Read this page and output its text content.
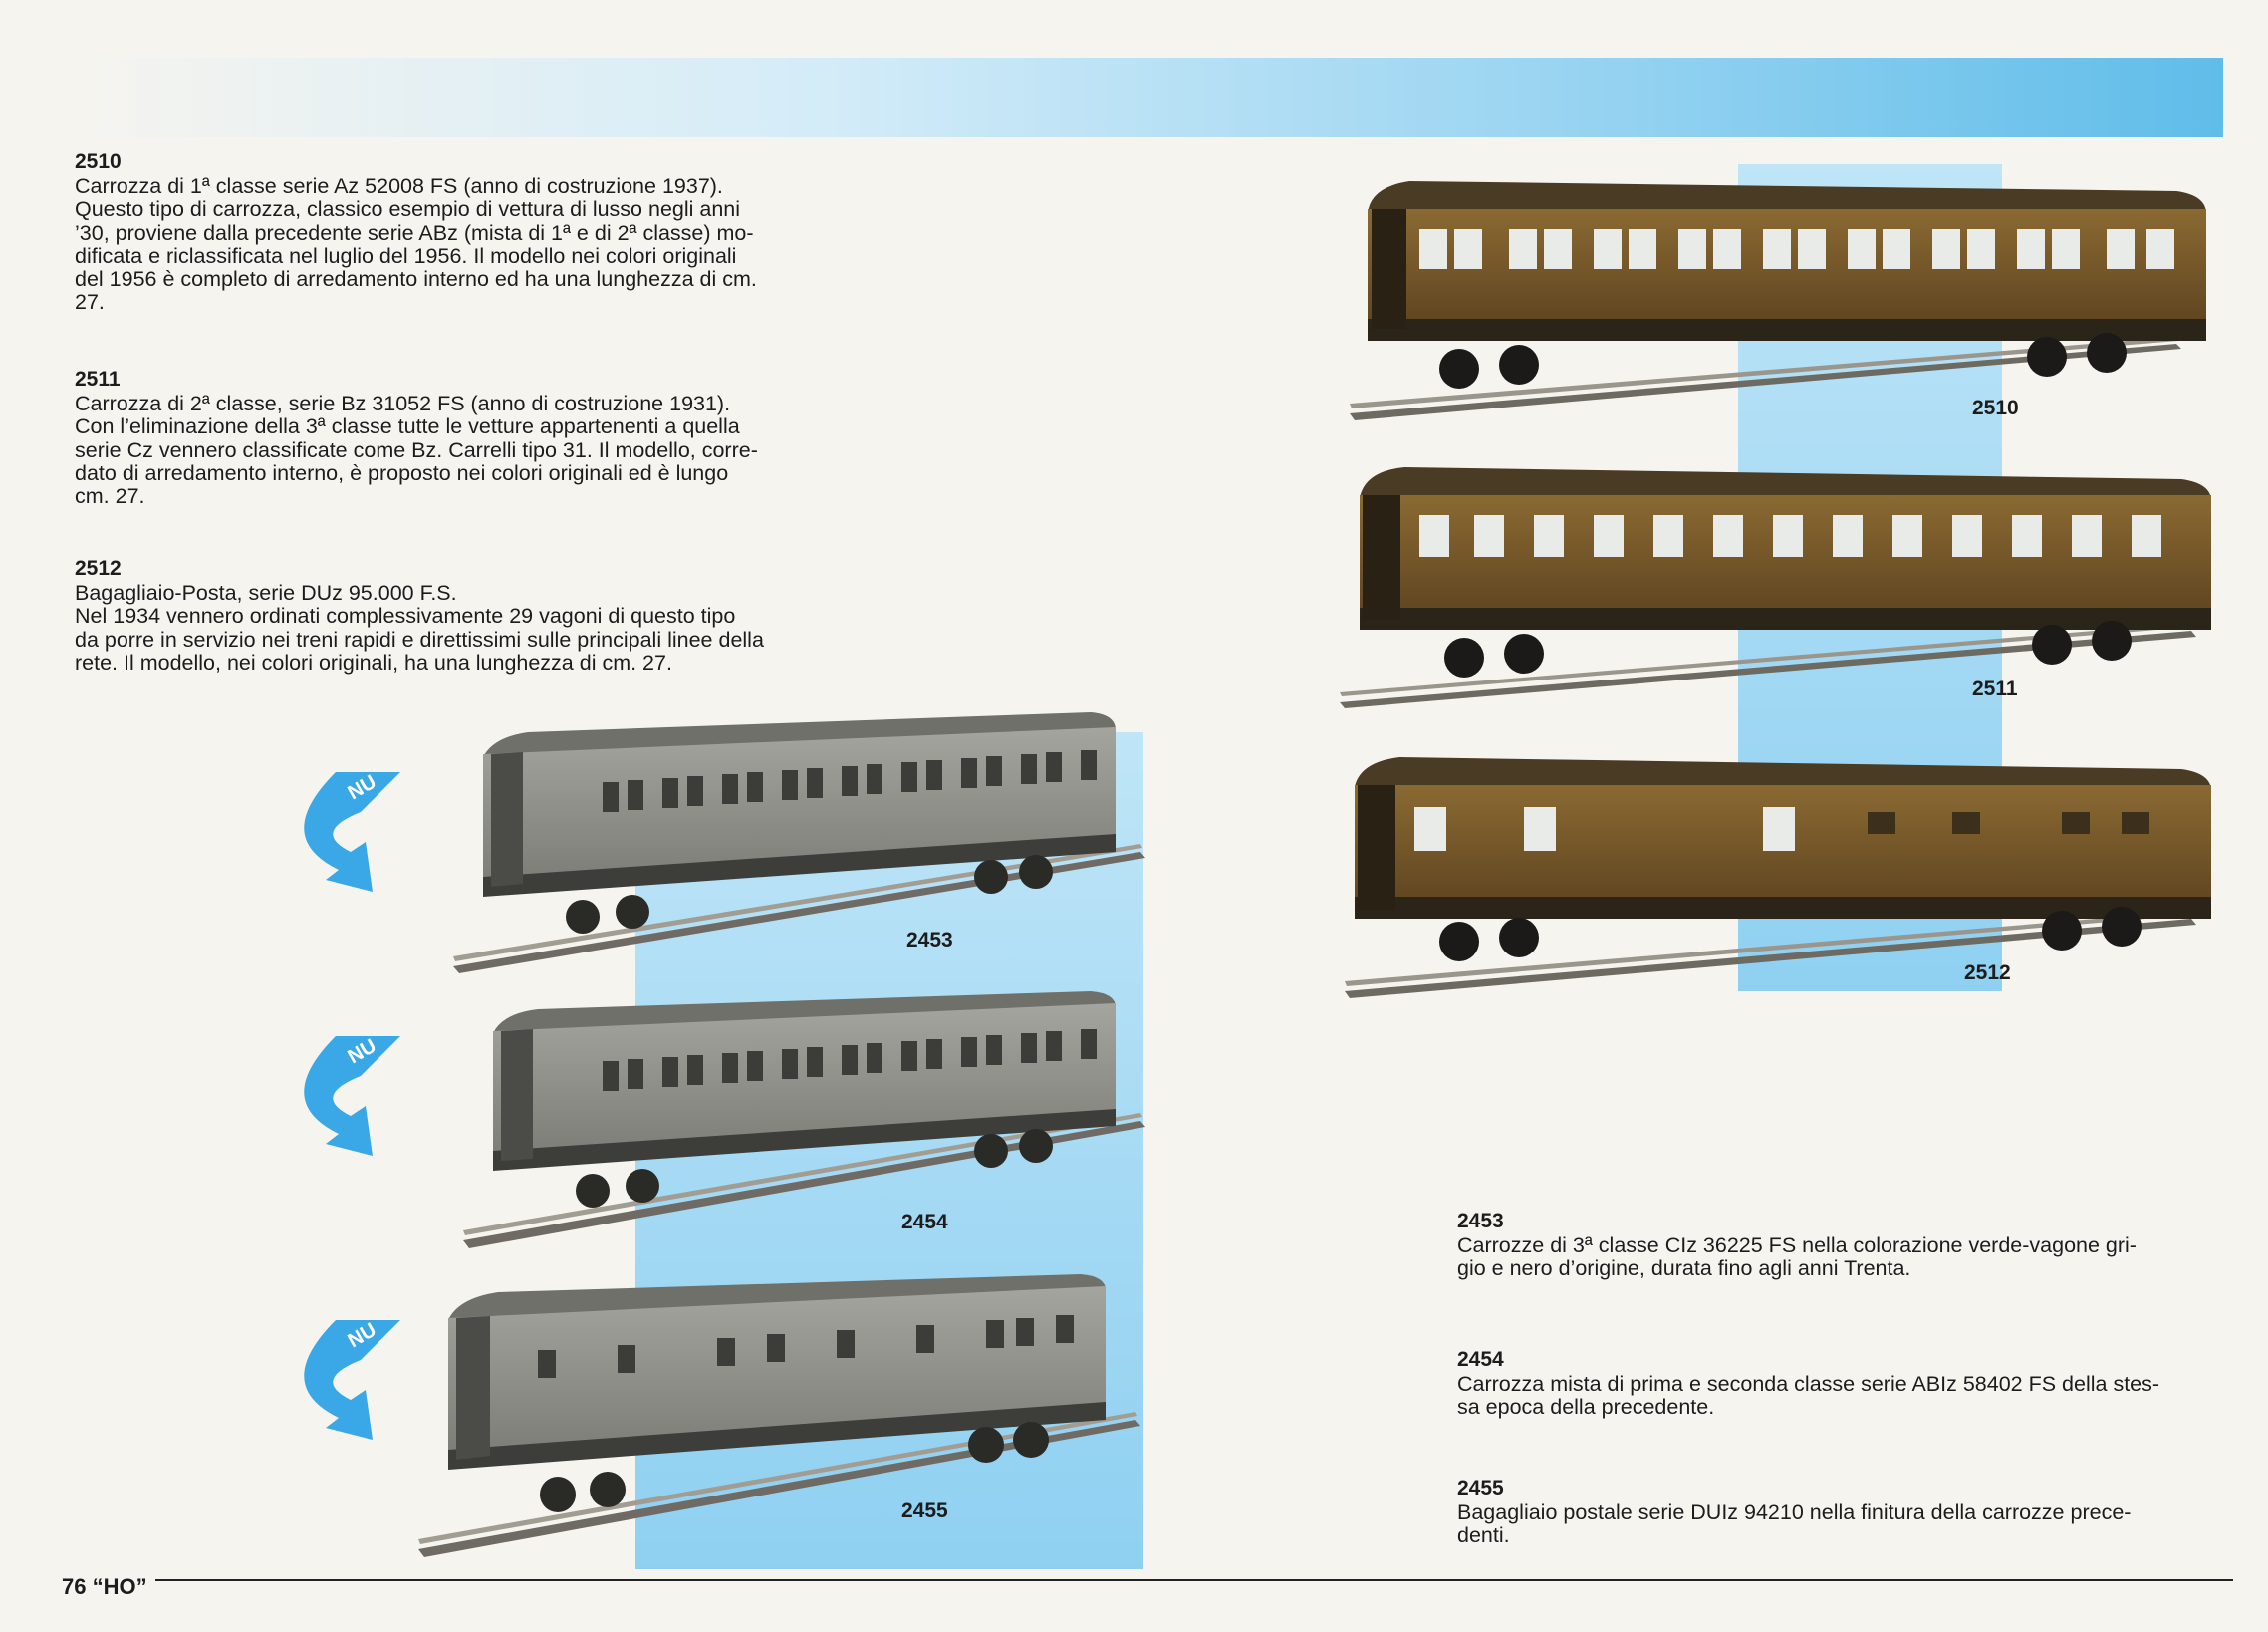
2510
Carrozza di 1ª classe serie Az 52008 FS (anno di costruzione 1937).
Questo tipo di carrozza, classico esempio di vettura di lusso negli anni
’30, proviene dalla precedente serie ABz (mista di 1ª e di 2ª classe) mo-
dificata e riclassificata nel luglio del 1956. Il modello nei colori originali
del 1956 è completo di arredamento interno ed ha una lunghezza di cm.
27.
2511
Carrozza di 2ª classe, serie Bz 31052 FS (anno di costruzione 1931).
Con l’eliminazione della 3ª classe tutte le vetture appartenenti a quella
serie Cz vennero classificate come Bz. Carrelli tipo 31. Il modello, corre-
dato di arredamento interno, è proposto nei colori originali ed è lungo
cm. 27.
2512
Bagagliaio-Posta, serie DUz 95.000 F.S.
Nel 1934 vennero ordinati complessivamente 29 vagoni di questo tipo
da porre in servizio nei treni rapidi e direttissimi sulle principali linee della
rete. Il modello, nei colori originali, ha una lunghezza di cm. 27.
2453
Carrozze di 3ª classe CIz 36225 FS nella colorazione verde-vagone gri-
gio e nero d’origine, durata fino agli anni Trenta.
2454
Carrozza mista di prima e seconda classe serie ABIz 58402 FS della stes-
sa epoca della precedente.
2455
Bagagliaio postale serie DUIz 94210 nella finitura della carrozze prece-
denti.
2510
2511
2512
2453
2454
2455
NU
NU
NU
76 “HO”
